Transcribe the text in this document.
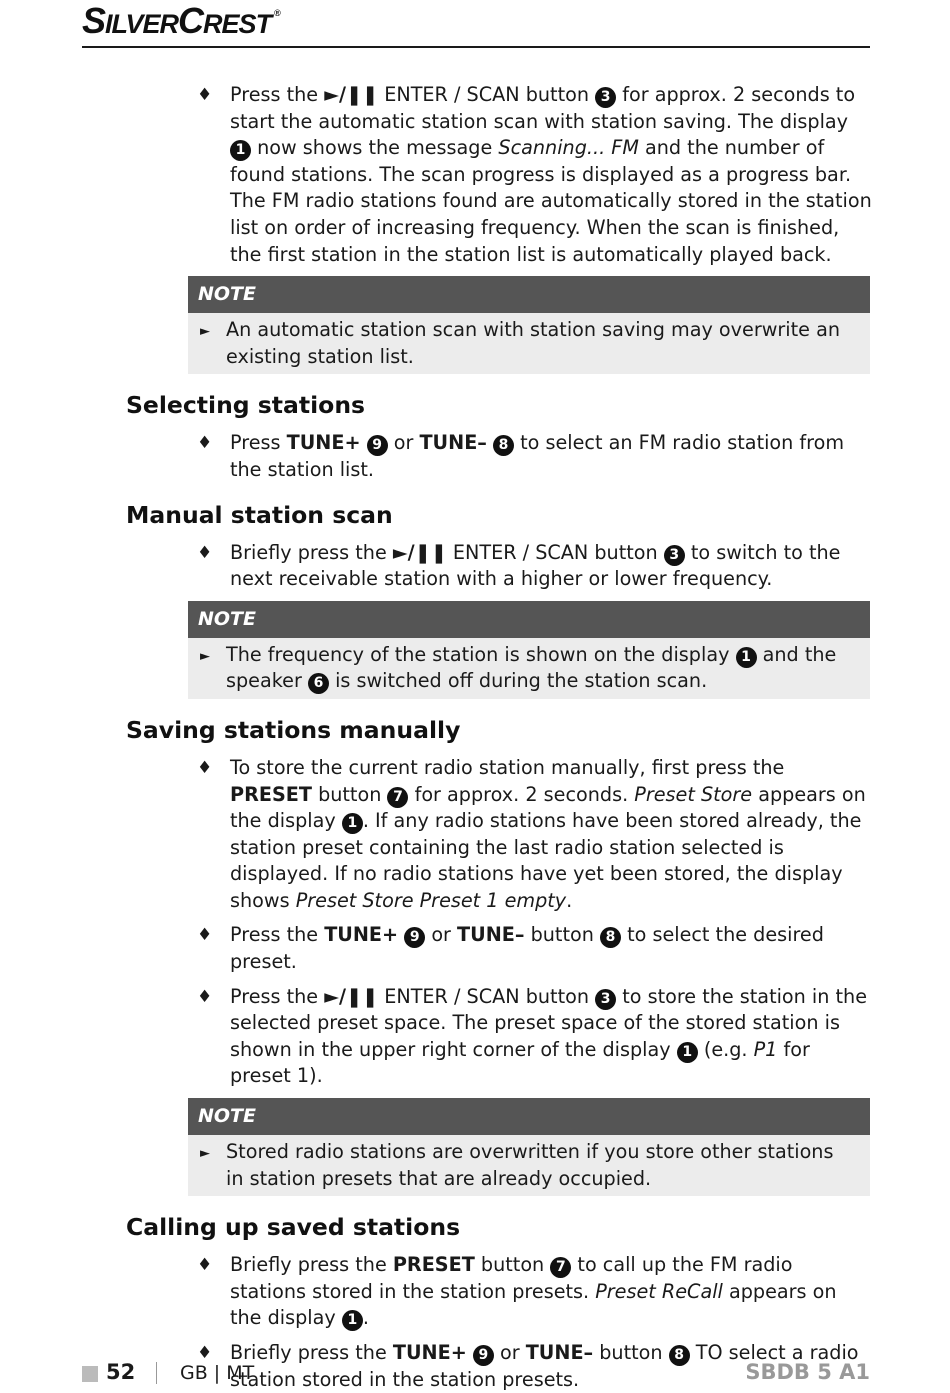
SILVERCREST ®
♦ Press the ►/❚❚ ENTER / SCAN button 3 for approx. 2 seconds to start the automatic station scan with station saving. The display 1 now shows the message Scanning... FM and the number of found stations. The scan progress is displayed as a progress bar. The FM radio stations found are automatically stored in the station list on order of increasing frequency. When the scan is finished, the first station in the station list is automatically played back.
NOTE
► An automatic station scan with station saving may overwrite an existing station list.
Selecting stations
♦ Press TUNE+ 9 or TUNE– 8 to select an FM radio station from the station list.
Manual station scan
♦ Briefly press the ►/❚❚ ENTER / SCAN button 3 to switch to the next receivable station with a higher or lower frequency.
NOTE
► The frequency of the station is shown on the display 1 and the speaker 6 is switched off during the station scan.
Saving stations manually
♦ To store the current radio station manually, first press the PRESET button 7 for approx. 2 seconds. Preset Store appears on the display 1 . If any radio stations have been stored already, the station preset containing the last radio station selected is displayed. If no radio stations have yet been stored, the display shows Preset Store Preset 1 empty.
♦ Press the TUNE+ 9 or TUNE– button 8 to select the desired preset.
♦ Press the ►/❚❚ ENTER / SCAN button 3 to store the station in the selected preset space. The preset space of the stored station is shown in the upper right corner of the display 1 (e.g. P1 for preset 1).
NOTE
► Stored radio stations are overwritten if you store other stations in station presets that are already occupied.
Calling up saved stations
♦ Briefly press the PRESET button 7 to call up the FM radio stations stored in the station presets. Preset ReCall appears on the display 1 .
♦ Briefly press the TUNE+ 9 or TUNE– button 8 TO select a radio station stored in the station presets.
52 GB | MT	SBDB 5 A1
